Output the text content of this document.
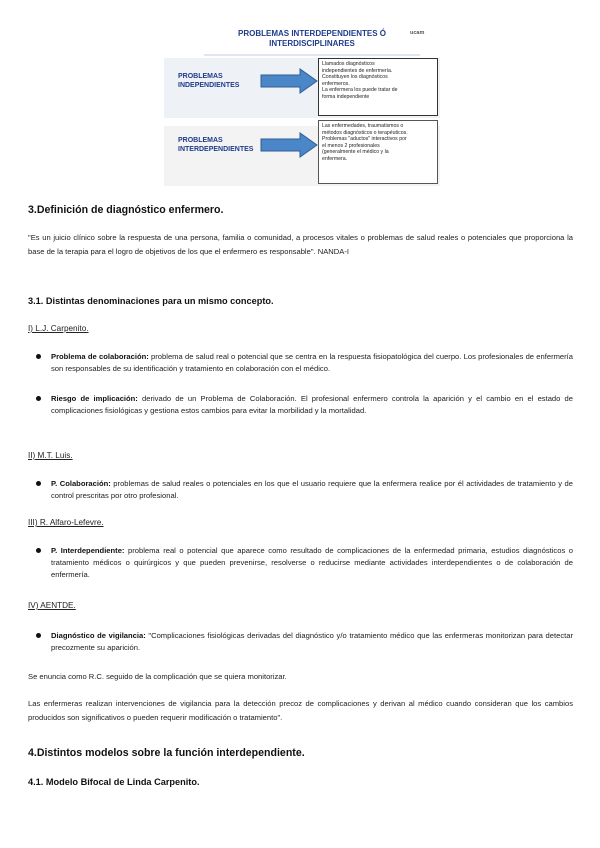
PROBLEMAS INTERDEPENDIENTES Ó INTERDISCIPLINARES
ucam
PROBLEMAS INDEPENDIENTES
Llamados diagnósticos
independientes de enfermería.
Constituyen los diagnósticos
enfermeros.
La enfermera los puede tratar de
forma independiente
PROBLEMAS INTERDEPENDIENTES
Las enfermedades, traumatismos o
métodos diagnósticos o terapéuticos.
Problemas "aductos" interactivos por
el menos 2 profesionales
(generalmente el médico y la
enfermera.
3.Definición de diagnóstico enfermero.
"Es un juicio clínico sobre la respuesta de una persona, familia o comunidad, a procesos vitales o problemas de salud reales o potenciales que proporciona la base de la terapia para el logro de objetivos de los que el enfermero es responsable". NANDA-I
3.1. Distintas denominaciones para un mismo concepto.
I) L.J. Carpenito.
Problema de colaboración: problema de salud real o potencial que se centra en la respuesta fisiopatológica del cuerpo. Los profesionales de enfermería son responsables de su identificación y tratamiento en colaboración con el médico.
Riesgo de implicación: derivado de un Problema de Colaboración. El profesional enfermero controla la aparición y el cambio en el estado de complicaciones fisiológicas y gestiona estos cambios para evitar la morbilidad y la mortalidad.
II) M.T. Luis.
P. Colaboración: problemas de salud reales o potenciales en los que el usuario requiere que la enfermera realice por él actividades de tratamiento y de control prescritas por otro profesional.
III) R. Alfaro-Lefevre.
P. Interdependiente: problema real o potencial que aparece como resultado de complicaciones de la enfermedad primaria, estudios diagnósticos o tratamiento médicos o quirúrgicos y que pueden prevenirse, resolverse o reducirse mediante actividades interdependientes o de colaboración de enfermería.
IV) AENTDE.
Diagnóstico de vigilancia: "Complicaciones fisiológicas derivadas del diagnóstico y/o tratamiento médico que las enfermeras monitorizan para detectar precozmente su aparición.
Se enuncia como R.C. seguido de la complicación que se quiera monitorizar.
Las enfermeras realizan intervenciones de vigilancia para la detección precoz de complicaciones y derivan al médico cuando consideran que los cambios producidos son significativos o pueden requerir modificación o tratamiento".
4.Distintos modelos sobre la función interdependiente.
4.1. Modelo Bifocal de Linda Carpenito.
